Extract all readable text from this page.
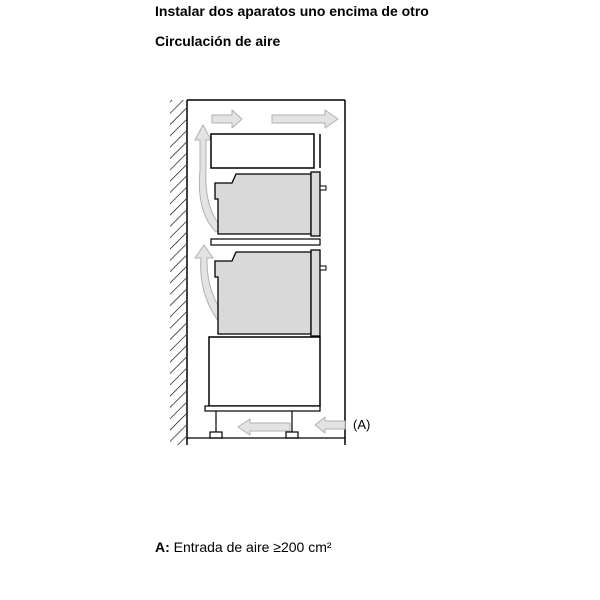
Instalar dos aparatos uno encima de otro
Circulación de aire
(A)
A: Entrada de aire ≥200 cm²
